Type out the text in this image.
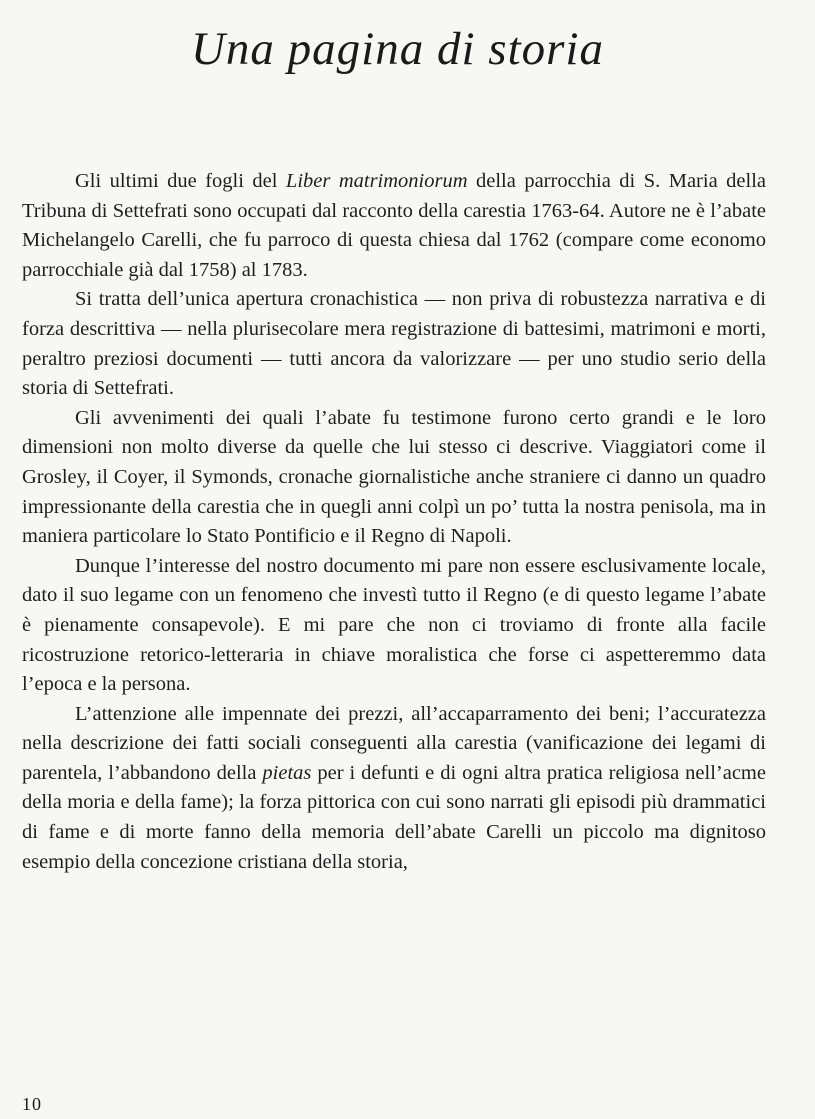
Una pagina di storia

Gli ultimi due fogli del Liber matrimoniorum della parrocchia di S. Maria della Tribuna di Settefrati sono occupati dal racconto della carestia 1763-64. Autore ne è l’abate Michelangelo Carelli, che fu parroco di questa chiesa dal 1762 (compare come economo parrocchiale già dal 1758) al 1783.

Si tratta dell’unica apertura cronachistica — non priva di robustezza narrativa e di forza descrittiva — nella plurisecolare mera registrazione di battesimi, matrimoni e morti, peraltro preziosi documenti — tutti ancora da valorizzare — per uno studio serio della storia di Settefrati.

Gli avvenimenti dei quali l’abate fu testimone furono certo grandi e le loro dimensioni non molto diverse da quelle che lui stesso ci descrive. Viaggiatori come il Grosley, il Coyer, il Symonds, cronache giornalistiche anche straniere ci danno un quadro impressionante della carestia che in quegli anni colpì un po’ tutta la nostra penisola, ma in maniera particolare lo Stato Pontificio e il Regno di Napoli.

Dunque l’interesse del nostro documento mi pare non essere esclusivamente locale, dato il suo legame con un fenomeno che investì tutto il Regno (e di questo legame l’abate è pienamente consapevole). E mi pare che non ci troviamo di fronte alla facile ricostruzione retorico-letteraria in chiave moralistica che forse ci aspetteremmo data l’epoca e la persona.

L’attenzione alle impennate dei prezzi, all’accaparramento dei beni; l’accuratezza nella descrizione dei fatti sociali conseguenti alla carestia (vanificazione dei legami di parentela, l’abbandono della pietas per i defunti e di ogni altra pratica religiosa nell’acme della moria e della fame); la forza pittorica con cui sono narrati gli episodi più drammatici di fame e di morte fanno della memoria dell’abate Carelli un piccolo ma dignitoso esempio della concezione cristiana della storia,

10
